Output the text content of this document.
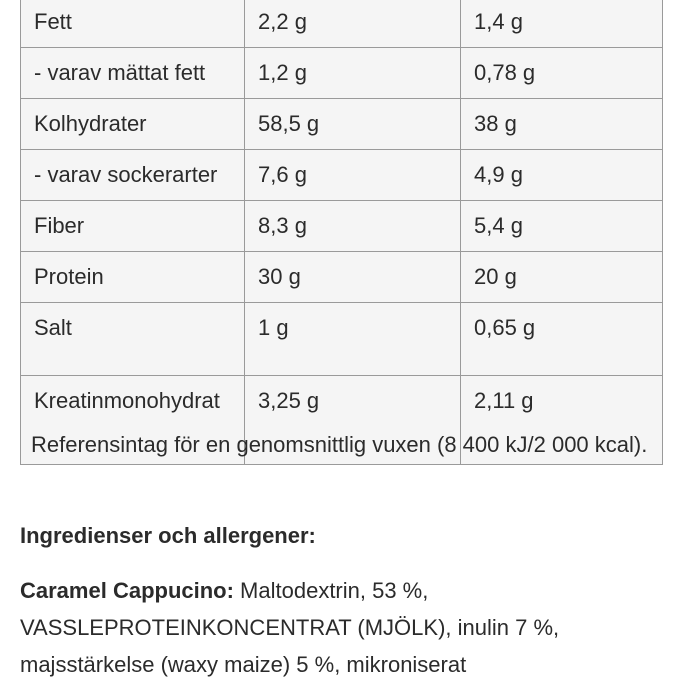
Fett	2,2 g	1,4 g
- varav mättat fett	1,2 g	0,78 g
Kolhydrater	58,5 g	38 g
- varav sockerarter	7,6 g	4,9 g
Fiber	8,3 g	5,4 g
Protein	30 g	20 g
Salt	1 g	0,65 g
Kreatinmonohydrat	3,25 g	2,11 g
Referensintag för en genomsnittlig vuxen (8 400 kJ/2 000 kcal).
Ingredienser och allergener:
Caramel Cappucino: Maltodextrin, 53 %, VASSLEPROTEINKONCENTRAT (MJÖLK), inulin 7 %, majsstärkelse (waxy maize) 5 %, mikroniserat
